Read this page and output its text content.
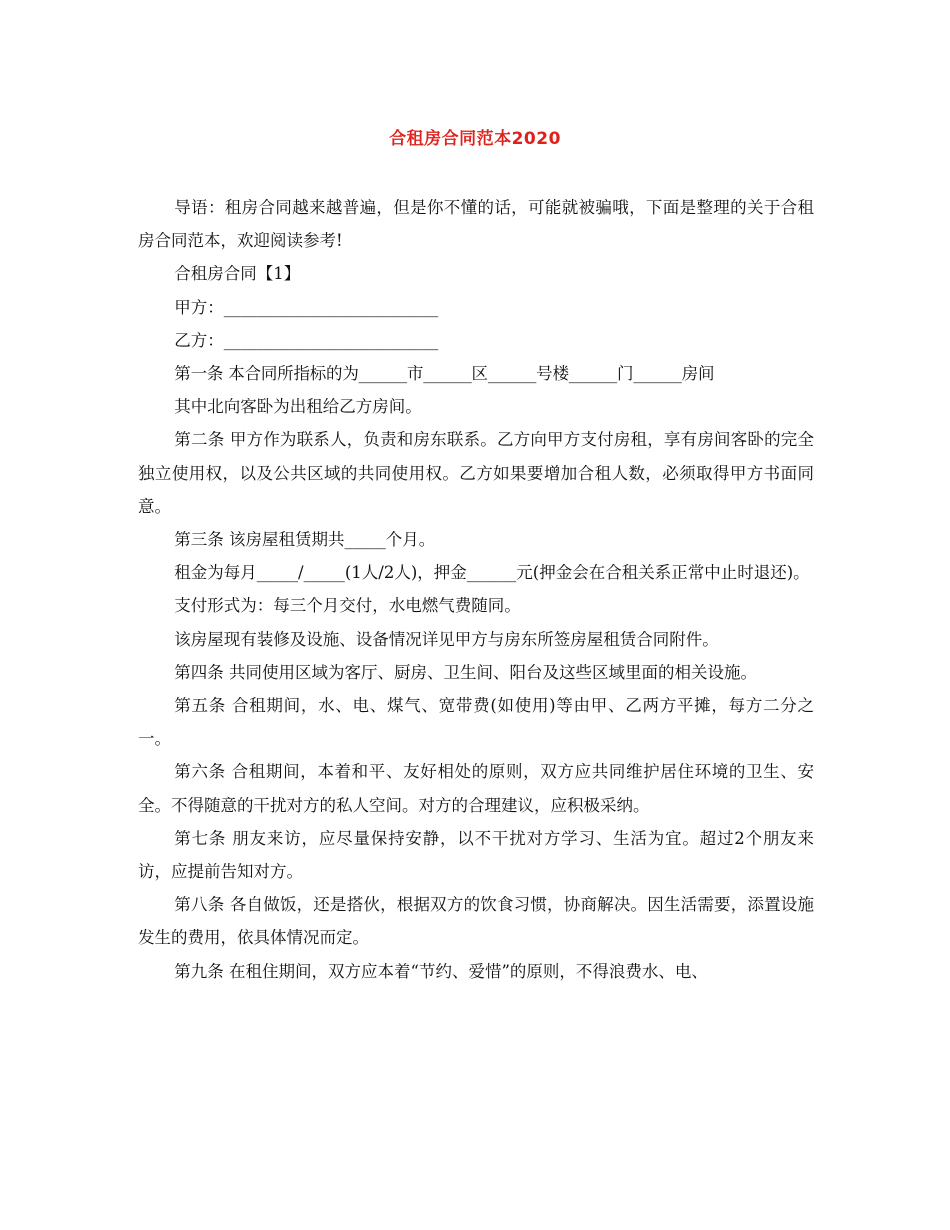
合租房合同范本2020

导语：租房合同越来越普遍，但是你不懂的话，可能就被骗哦，下面是整理的关于合租房合同范本，欢迎阅读参考!

合租房合同【1】

甲方：__________________________

乙方：__________________________

第一条 本合同所指标的为______市______区______号楼______门______房间

其中北向客卧为出租给乙方房间。

第二条 甲方作为联系人，负责和房东联系。乙方向甲方支付房租，享有房间客卧的完全独立使用权，以及公共区域的共同使用权。乙方如果要增加合租人数，必须取得甲方书面同意。

第三条 该房屋租赁期共_____个月。

租金为每月_____/_____(1人/2人)，押金______元(押金会在合租关系正常中止时退还)。

支付形式为：每三个月交付，水电燃气费随同。

该房屋现有装修及设施、设备情况详见甲方与房东所签房屋租赁合同附件。

第四条 共同使用区域为客厅、厨房、卫生间、阳台及这些区域里面的相关设施。

第五条 合租期间，水、电、煤气、宽带费(如使用)等由甲、乙两方平摊，每方二分之一。

第六条 合租期间，本着和平、友好相处的原则，双方应共同维护居住环境的卫生、安全。不得随意的干扰对方的私人空间。对方的合理建议，应积极采纳。

第七条 朋友来访，应尽量保持安静，以不干扰对方学习、生活为宜。超过2个朋友来访，应提前告知对方。

第八条 各自做饭，还是搭伙，根据双方的饮食习惯，协商解决。因生活需要，添置设施发生的费用，依具体情况而定。

第九条 在租住期间，双方应本着“节约、爱惜”的原则，不得浪费水、电、
